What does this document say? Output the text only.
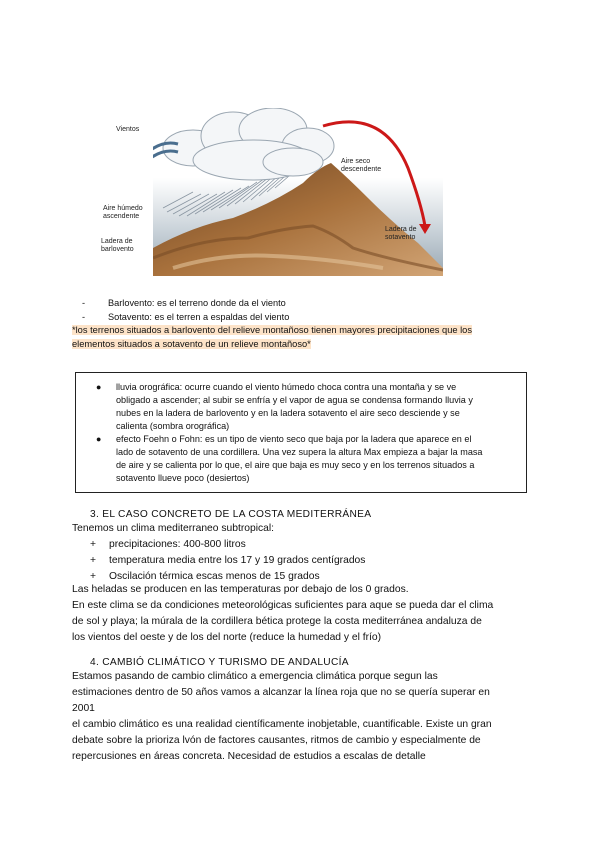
Vientos
Aire seco
descendente
Aire húmedo
ascendente
Ladera de
barlovento
Ladera de
sotavento
-	Barlovento: es el terreno donde da el viento
-	Sotavento: es el terren a espaldas del viento
*los terrenos situados a barlovento del relieve montañoso tienen mayores precipitaciones que los
elementos situados a sotavento de un relieve montañoso*
●	lluvia orográfica: ocurre cuando el viento húmedo choca contra una montaña y se ve
obligado a ascender; al subir se enfría y el vapor de agua se condensa formando lluvia y
nubes en la ladera de barlovento y en la ladera sotavento el aire seco desciende y se
calienta (sombra orográfica)
●	efecto Foehn o Fohn: es un tipo de viento seco que baja por la ladera que aparece en el
lado de sotavento de una cordillera. Una vez supera la altura Max empieza a bajar la masa
de aire y se calienta por lo que, el aire que baja es muy seco y en los terrenos situados a
sotavento llueve poco (desiertos)
3. EL CASO CONCRETO DE LA COSTA MEDITERRÁNEA
Tenemos un clima mediterraneo subtropical:
+	precipitaciones: 400-800 litros
+	temperatura media entre los 17 y 19 grados centígrados
+	Oscilación térmica escas menos de 15 grados
Las heladas se producen en las temperaturas por debajo de los 0 grados.
En este clima se da condiciones meteorológicas suficientes para aque se pueda dar el clima
de sol y playa; la múrala de la cordillera bética protege la costa mediterránea andaluza de
los vientos del oeste y de los del norte (reduce la humedad y el frío)
4. CAMBIÓ CLIMÁTICO Y TURISMO DE ANDALUCÍA
Estamos pasando de cambio climático a emergencia climática porque segun las
estimaciones dentro de 50 años vamos a alcanzar la línea roja que no se quería superar en
2001
el cambio climático es una realidad científicamente inobjetable, cuantificable. Existe un gran
debate sobre la prioriza lvón de factores causantes, ritmos de cambio y especialmente de
repercusiones en áreas concreta. Necesidad de estudios a escalas de detalle
